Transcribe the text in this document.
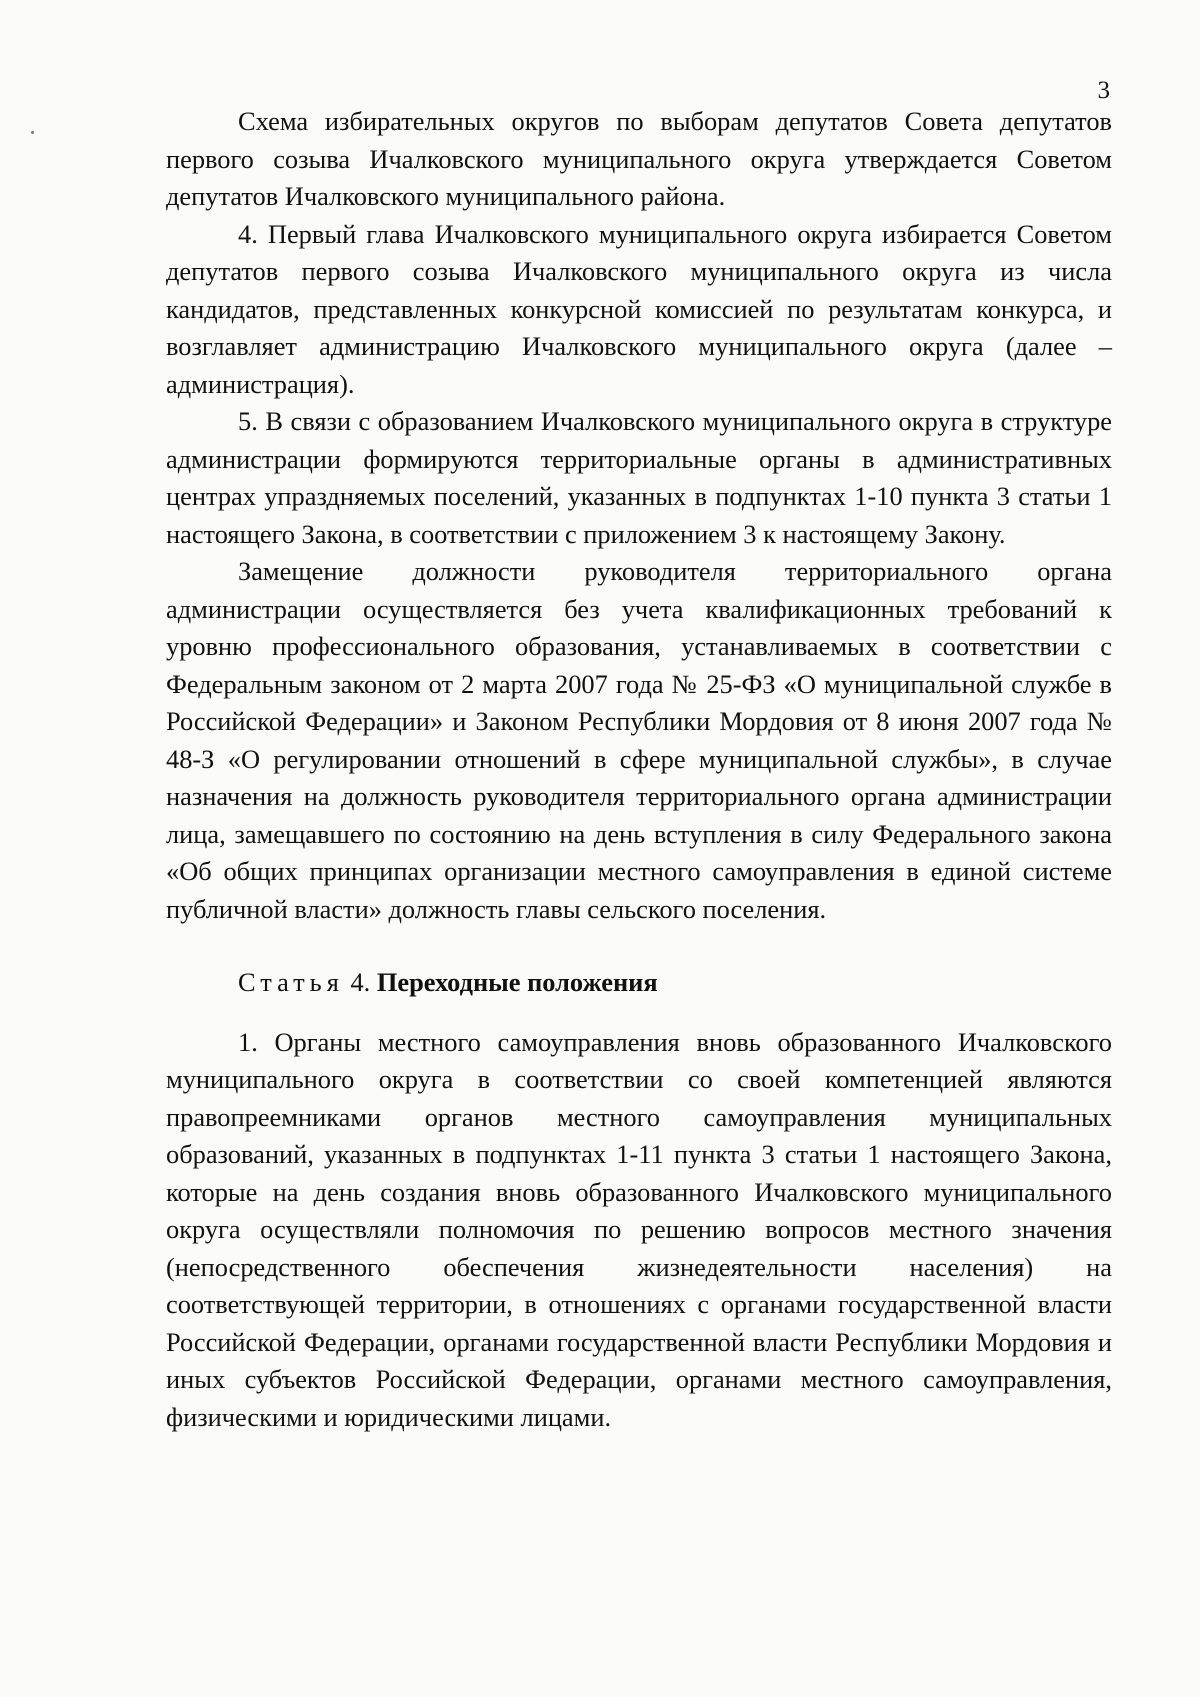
3

Схема избирательных округов по выборам депутатов Совета депутатов первого созыва Ичалковского муниципального округа утверждается Советом депутатов Ичалковского муниципального района.

4. Первый глава Ичалковского муниципального округа избирается Советом депутатов первого созыва Ичалковского муниципального округа из числа кандидатов, представленных конкурсной комиссией по результатам конкурса, и возглавляет администрацию Ичалковского муниципального округа (далее – администрация).

5. В связи с образованием Ичалковского муниципального округа в структуре администрации формируются территориальные органы в административных центрах упраздняемых поселений, указанных в подпунктах 1-10 пункта 3 статьи 1 настоящего Закона, в соответствии с приложением 3 к настоящему Закону.

Замещение должности руководителя территориального органа администрации осуществляется без учета квалификационных требований к уровню профессионального образования, устанавливаемых в соответствии с Федеральным законом от 2 марта 2007 года № 25-ФЗ «О муниципальной службе в Российской Федерации» и Законом Республики Мордовия от 8 июня 2007 года № 48-З «О регулировании отношений в сфере муниципальной службы», в случае назначения на должность руководителя территориального органа администрации лица, замещавшего по состоянию на день вступления в силу Федерального закона «Об общих принципах организации местного самоуправления в единой системе публичной власти» должность главы сельского поселения.

Статья 4. Переходные положения

1. Органы местного самоуправления вновь образованного Ичалковского муниципального округа в соответствии со своей компетенцией являются правопреемниками органов местного самоуправления муниципальных образований, указанных в подпунктах 1-11 пункта 3 статьи 1 настоящего Закона, которые на день создания вновь образованного Ичалковского муниципального округа осуществляли полномочия по решению вопросов местного значения (непосредственного обеспечения жизнедеятельности населения) на соответствующей территории, в отношениях с органами государственной власти Российской Федерации, органами государственной власти Республики Мордовия и иных субъектов Российской Федерации, органами местного самоуправления, физическими и юридическими лицами.
